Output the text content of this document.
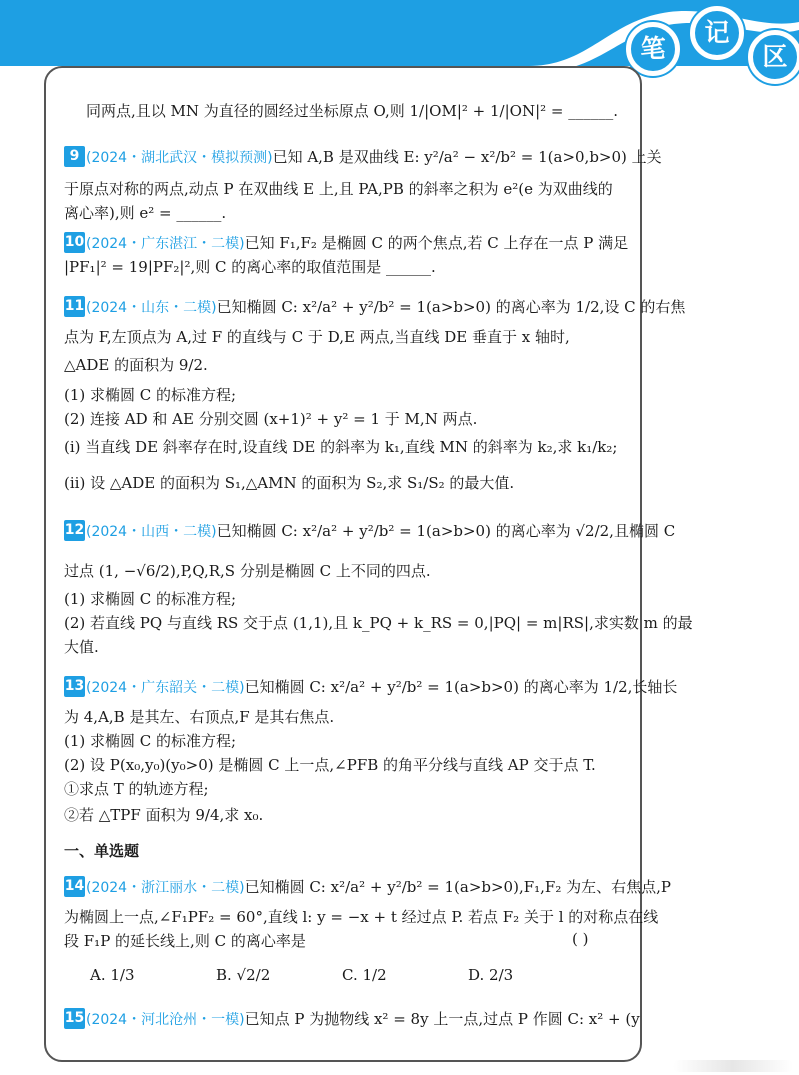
笔
记
区
同两点,且以 MN 为直径的圆经过坐标原点 O,则 1/|OM|² + 1/|ON|² = ______.
9 (2024・湖北武汉・模拟预测)已知 A,B 是双曲线 E: y²/a² − x²/b² = 1(a>0,b>0) 上关
于原点对称的两点,动点 P 在双曲线 E 上,且 PA,PB 的斜率之积为 e²(e 为双曲线的
离心率),则 e² = ______.
10 (2024・广东湛江・二模)已知 F₁,F₂ 是椭圆 C 的两个焦点,若 C 上存在一点 P 满足
|PF₁|² = 19|PF₂|²,则 C 的离心率的取值范围是 ______.
11 (2024・山东・二模)已知椭圆 C: x²/a² + y²/b² = 1(a>b>0) 的离心率为 1/2,设 C 的右焦
点为 F,左顶点为 A,过 F 的直线与 C 于 D,E 两点,当直线 DE 垂直于 x 轴时,
△ADE 的面积为 9/2.
(1) 求椭圆 C 的标准方程;
(2) 连接 AD 和 AE 分别交圆 (x+1)² + y² = 1 于 M,N 两点.
(ⅰ) 当直线 DE 斜率存在时,设直线 DE 的斜率为 k₁,直线 MN 的斜率为 k₂,求 k₁/k₂;
(ⅱ) 设 △ADE 的面积为 S₁,△AMN 的面积为 S₂,求 S₁/S₂ 的最大值.
12 (2024・山西・二模)已知椭圆 C: x²/a² + y²/b² = 1(a>b>0) 的离心率为 √2/2,且椭圆 C
过点 (1, −√6/2),P,Q,R,S 分别是椭圆 C 上不同的四点.
(1) 求椭圆 C 的标准方程;
(2) 若直线 PQ 与直线 RS 交于点 (1,1),且 k_PQ + k_RS = 0,|PQ| = m|RS|,求实数 m 的最
大值.
13 (2024・广东韶关・二模)已知椭圆 C: x²/a² + y²/b² = 1(a>b>0) 的离心率为 1/2,长轴长
为 4,A,B 是其左、右顶点,F 是其右焦点.
(1) 求椭圆 C 的标准方程;
(2) 设 P(x₀,y₀)(y₀>0) 是椭圆 C 上一点,∠PFB 的角平分线与直线 AP 交于点 T.
①求点 T 的轨迹方程;
②若 △TPF 面积为 9/4,求 x₀.
一、单选题
14 (2024・浙江丽水・二模)已知椭圆 C: x²/a² + y²/b² = 1(a>b>0),F₁,F₂ 为左、右焦点,P
为椭圆上一点,∠F₁PF₂ = 60°,直线 l: y = −x + t 经过点 P. 若点 F₂ 关于 l 的对称点在线
段 F₁P 的延长线上,则 C 的离心率是	( )
A. 1/3	B. √2/2	C. 1/2	D. 2/3
15 (2024・河北沧州・一模)已知点 P 为抛物线 x² = 8y 上一点,过点 P 作圆 C: x² + (y
